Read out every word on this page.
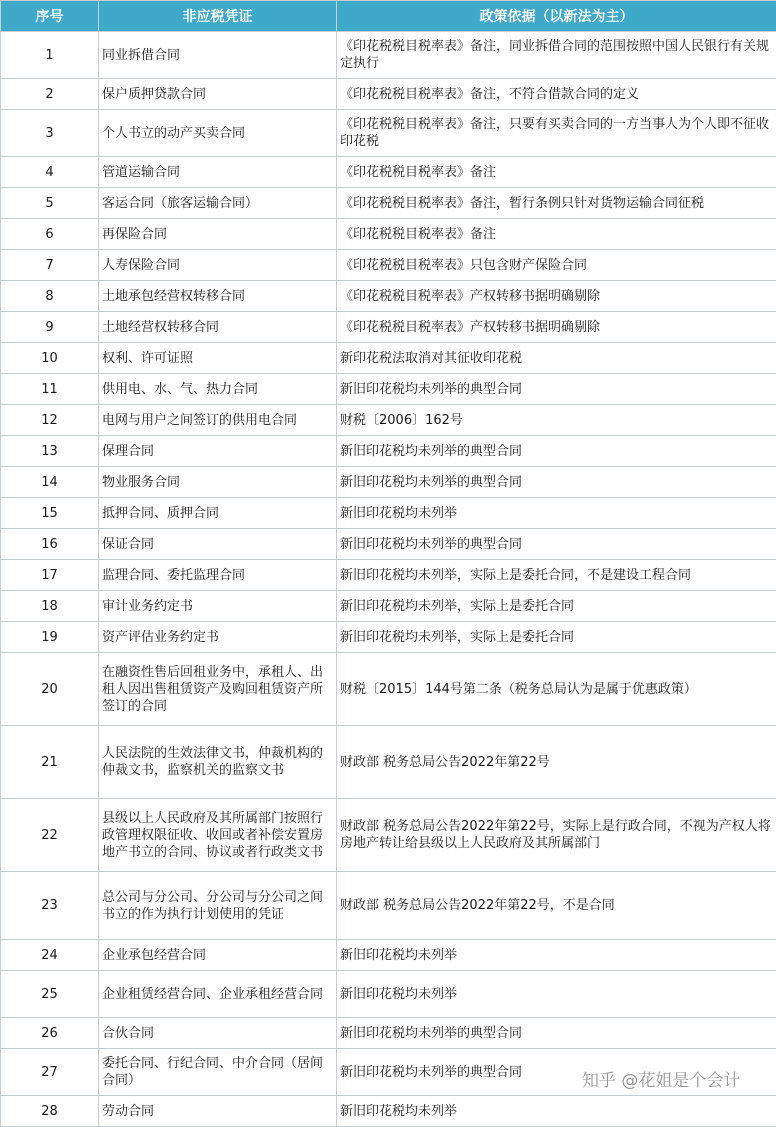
序号	非应税凭证	政策依据（以新法为主）
1	同业拆借合同	《印花税税目税率表》备注，同业拆借合同的范围按照中国人民银行有关规定执行
2	保户质押贷款合同	《印花税税目税率表》备注，不符合借款合同的定义
3	个人书立的动产买卖合同	《印花税税目税率表》备注，只要有买卖合同的一方当事人为个人即不征收印花税
4	管道运输合同	《印花税税目税率表》备注
5	客运合同（旅客运输合同）	《印花税税目税率表》备注，暂行条例只针对货物运输合同征税
6	再保险合同	《印花税税目税率表》备注
7	人寿保险合同	《印花税税目税率表》只包含财产保险合同
8	土地承包经营权转移合同	《印花税税目税率表》产权转移书据明确剔除
9	土地经营权转移合同	《印花税税目税率表》产权转移书据明确剔除
10	权利、许可证照	新印花税法取消对其征收印花税
11	供用电、水、气、热力合同	新旧印花税均未列举的典型合同
12	电网与用户之间签订的供用电合同	财税〔2006〕162号
13	保理合同	新旧印花税均未列举的典型合同
14	物业服务合同	新旧印花税均未列举的典型合同
15	抵押合同、质押合同	新旧印花税均未列举
16	保证合同	新旧印花税均未列举的典型合同
17	监理合同、委托监理合同	新旧印花税均未列举，实际上是委托合同，不是建设工程合同
18	审计业务约定书	新旧印花税均未列举，实际上是委托合同
19	资产评估业务约定书	新旧印花税均未列举，实际上是委托合同
20	在融资性售后回租业务中，承租人、出租人因出售租赁资产及购回租赁资产所签订的合同	财税〔2015〕144号第二条（税务总局认为是属于优惠政策）
21	人民法院的生效法律文书，仲裁机构的仲裁文书，监察机关的监察文书	财政部 税务总局公告2022年第22号
22	县级以上人民政府及其所属部门按照行政管理权限征收、收回或者补偿安置房地产书立的合同、协议或者行政类文书	财政部 税务总局公告2022年第22号，实际上是行政合同，不视为产权人将房地产转让给县级以上人民政府及其所属部门
23	总公司与分公司、分公司与分公司之间书立的作为执行计划使用的凭证	财政部 税务总局公告2022年第22号，不是合同
24	企业承包经营合同	新旧印花税均未列举
25	企业租赁经营合同、企业承租经营合同	新旧印花税均未列举
26	合伙合同	新旧印花税均未列举的典型合同
27	委托合同、行纪合同、中介合同（居间合同）	新旧印花税均未列举的典型合同
28	劳动合同	新旧印花税均未列举
知乎 @花姐是个会计
